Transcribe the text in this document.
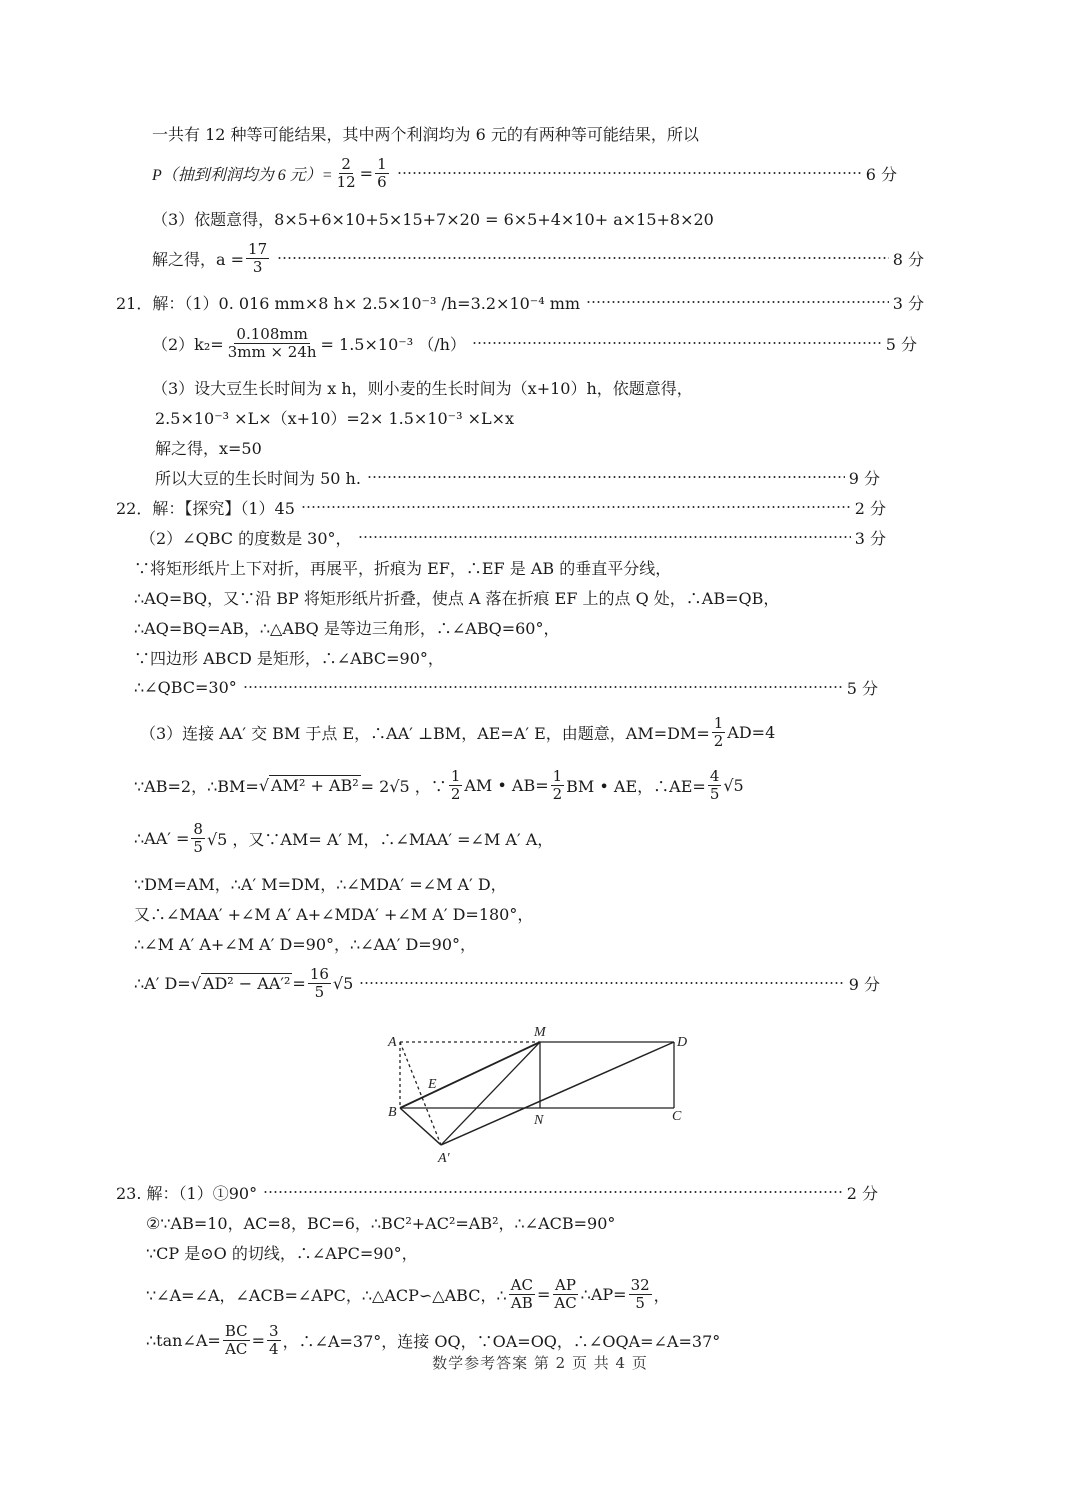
一共有 12 种等可能结果，其中两个利润均为 6 元的有两种等可能结果，所以
P（抽到利润均为 6 元）= $\frac{2}{12} = \frac{1}{6}$	6 分
（3）依题意得，8×5+6×10+5×15+7×20 = 6×5+4×10+ a×15+8×20
解之得，$a = \frac{17}{3}$	8 分
21．解：（1）0. 016 mm×8 h× 2.5×10⁻³ /h=3.2×10⁻⁴ mm	3 分
$(2)k_2= \frac{0.108mm}{3mm \times 24h} = 1.5\times 10^{-3}$ （/h）	5 分
（3）设大豆生长时间为 x h，则小麦的生长时间为（x+10）h，依题意得，
2.5×10⁻³ ×L×（x+10）=2× 1.5×10⁻³ ×L×x
解之得，x=50
所以大豆的生长时间为 50 h.	9 分
22．解：【探究】（1）45	2 分
（2）∠QBC 的度数是 30°，	3 分
∵将矩形纸片上下对折，再展平，折痕为 EF，∴EF 是 AB 的垂直平分线，
∴AQ=BQ，又∵沿 BP 将矩形纸片折叠，使点 A 落在折痕 EF 上的点 Q 处，∴AB=QB，
∴AQ=BQ=AB，∴△ABQ 是等边三角形，∴∠ABQ=60°，
∵四边形 ABCD 是矩形，∴∠ABC=90°，
∴∠QBC=30°	5 分
（3）连接 AA′ 交 BM 于点 E，∴AA′ ⊥BM，AE=A′ E，由题意，$AM=DM= \frac{1}{2} AD=4$
∵AB=2，∴BM= √ AM² + AB² = 2√5 ，∵ $\frac{1}{2}$ AM • $AB= \frac{1}{2}$ BM • AE，∴AE= $\frac{4}{5} √5$
∴AA′ = $\frac{8}{5} √5$ ，又∵AM= A′ M，∴∠MAA′ =∠M A′ A，
∵DM=AM，∴A′ M=DM，∴∠MDA′ =∠M A′ D，
又∴∠MAA′ +∠M A′ A+∠MDA′ +∠M A′ D=180°，
∴∠M A′ A+∠M A′ D=90°，∴∠AA′ D=90°，
∴A′ D= √ $AD^2 - AA'^2 = \frac{16}{5} √5$	9 分
A
M
D
E
B
N	C
A′
23. 解：（1）①90°	2 分
②∵AB=10，AC=8，BC=6，∴BC²+AC²=AB²，∴∠ACB=90°
∵CP 是⊙O 的切线，∴∠APC=90°，
∵∠A=∠A，∠ACB=∠APC，∴△ACP∽△ABC，∴ $\frac{AC}{AB} = \frac{AP}{AC}$ ∴AP= $\frac{32}{5}$ ，
∴tan∠A= $\frac{BC}{AC} = \frac{3}{4}$ ，∴∠A=37°，连接 OQ，∵OA=OQ，∴∠OQA=∠A=37°
数学参考答案 第 2 页 共 4 页
